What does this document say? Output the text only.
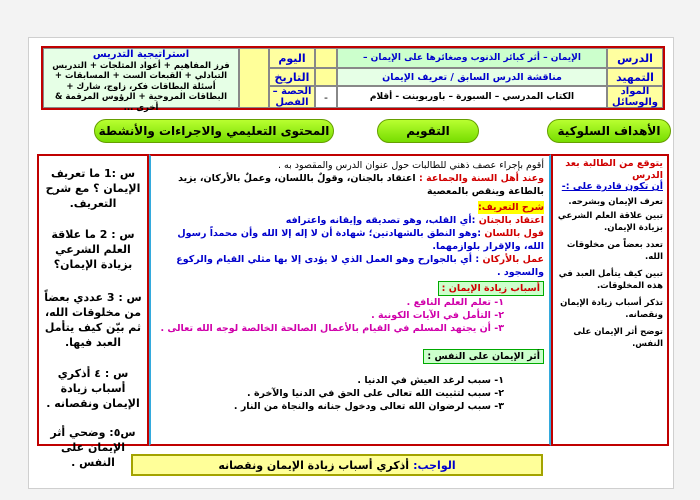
الدرس
التمهيد
المواد والوسائل
الإيمان – أثر كبائر الذنوب وصغائرها على الإيمان –
مناقشة الدرس السابق / تعريف الإيمان
الكتاب المدرسي – السبورة – باوربوينت - أقلام
اليوم
التاريخ
-
الحصة – الفصل
استراتيجية التدريس
فرز المفاهيم + أعواد المثلجات + التدريس التبادلي + القبعات الست + المسابقات + أسئلة البطاقات فكر، زاوج، شارك + البطاقات المروحية + الرؤوس المرقمة & أخرى ...
الأهداف السلوكية
التقويم
المحتوى التعليمي والاجراءات والأنشطة
يتوقع من الطالبة بعد الدرس
أن تكون قادرة على :-
تعرف الإيمان وبشرحه.
تبين علاقة العلم الشرعي بزيادة الإيمان.
تعدد بعضاً من مخلوقات الله.
تبين كيف يتأمل العبد في هذه المخلوقات.
تذكر أسباب زيادة الإيمان ونقصانه.
توضح أثر الإيمان على النفس.
أقوم بإجراء عصف ذهني للطالبات حول عنوان الدرس والمقصود به .
وعند أهل السنة والجماعة : اعتقاد بالجنان، وقولٌ باللسان، وعملٌ بالأركان، يزيد بالطاعة وينقص بالمعصية
شرح التعريف:
اعتقاد بالجنان :أي القلب، وهو تصديقه وإيقانه واعترافه
قول باللسان :وهو النطق بالشهادتين؛ شهادة أن لا إله إلا الله وأن محمداً رسول الله، والإقرار بلوازمهما.
عمل بالأركان : أي بالجوارح وهو العمل الذي لا يؤدى إلا بها مثلي القيام والركوع والسجود .
أسباب زيادة الإيمان :
١- تعلم العلم النافع .
٢- التأمل في الآيات الكونية .
٣- أن يجتهد المسلم في القيام بالأعمال الصالحة الخالصة لوجه الله تعالى .
أثر الإيمان على النفس :
١- سبب لرغد العيش في الدنيا .
٢- سبب لتثبيت الله تعالى على الحق في الدنيا والآخرة .
٣- سبب لرضوان الله تعالى ودخول جنانه والنجاة من النار .
س :1 ما تعريف الإيمان ؟ مع شرح التعريف.
س : 2 ما علاقة العلم الشرعي بزيادة الإيمان؟
س : 3 عددي بعضاً من مخلوقات الله، ثم بيّن كيف يتأمل العبد فيها.
س : ٤ أذكري أسباب زيادة الإيمان ونقصانه .
س٥: وضحي أثر الإيمان على النفس .	الواجب:
أذكري أسباب زيادة الإيمان ونقصانه
